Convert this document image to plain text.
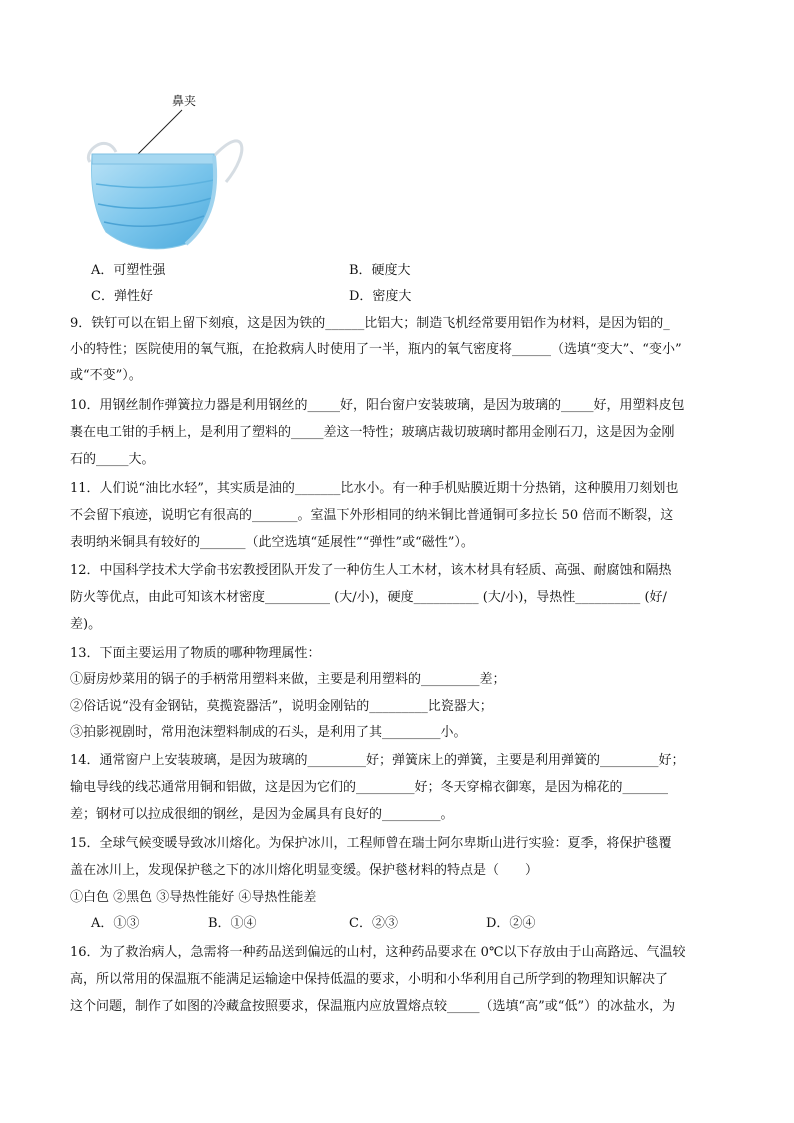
鼻夹
A．可塑性强	B．硬度大
C．弹性好	D．密度大
9．铁钉可以在铝上留下刻痕，这是因为铁的______比铝大；制造飞机经常要用铝作为材料，是因为铝的_
小的特性；医院使用的氧气瓶，在抢救病人时使用了一半，瓶内的氧气密度将______（选填“变大”、“变小”
或“不变”）。
10．用钢丝制作弹簧拉力器是利用钢丝的_____好，阳台窗户安装玻璃，是因为玻璃的_____好，用塑料皮包
裹在电工钳的手柄上，是利用了塑料的_____差这一特性；玻璃店裁切玻璃时都用金刚石刀，这是因为金刚
石的_____大。
11．人们说“油比水轻”，其实质是油的_______比水小。有一种手机贴膜近期十分热销，这种膜用刀刻划也
不会留下痕迹，说明它有很高的_______。室温下外形相同的纳米铜比普通铜可多拉长 50 倍而不断裂，这
表明纳米铜具有较好的_______（此空选填“延展性”“弹性”或“磁性”）。
12．中国科学技术大学俞书宏教授团队开发了一种仿生人工木材，该木材具有轻质、高强、耐腐蚀和隔热
防火等优点，由此可知该木材密度__________ (大/小)，硬度__________ (大/小)，导热性__________ (好/
差)。
13．下面主要运用了物质的哪种物理属性：
①厨房炒菜用的锅子的手柄常用塑料来做，主要是利用塑料的_________差；
②俗话说“没有金钢钻，莫揽瓷器活”，说明金刚钻的_________比瓷器大；
③拍影视剧时，常用泡沫塑料制成的石头，是利用了其_________小。
14．通常窗户上安装玻璃，是因为玻璃的_________好；弹簧床上的弹簧，主要是利用弹簧的_________好；
输电导线的线芯通常用铜和铝做，这是因为它们的_________好；冬天穿棉衣御寒，是因为棉花的_______
差；钢材可以拉成很细的钢丝，是因为金属具有良好的_________。
15．全球气候变暖导致冰川熔化。为保护冰川，工程师曾在瑞士阿尔卑斯山进行实验：夏季，将保护毯覆
盖在冰川上，发现保护毯之下的冰川熔化明显变缓。保护毯材料的特点是（　　）
①白色 ②黑色 ③导热性能好 ④导热性能差
A．①③	B．①④	C．②③	D．②④
16．为了救治病人，急需将一种药品送到偏远的山村，这种药品要求在 0℃以下存放由于山高路远、气温较
高，所以常用的保温瓶不能满足运输途中保持低温的要求，小明和小华利用自己所学到的物理知识解决了
这个问题，制作了如图的冷藏盒按照要求，保温瓶内应放置熔点较_____（选填“高”或“低”）的冰盐水，为
